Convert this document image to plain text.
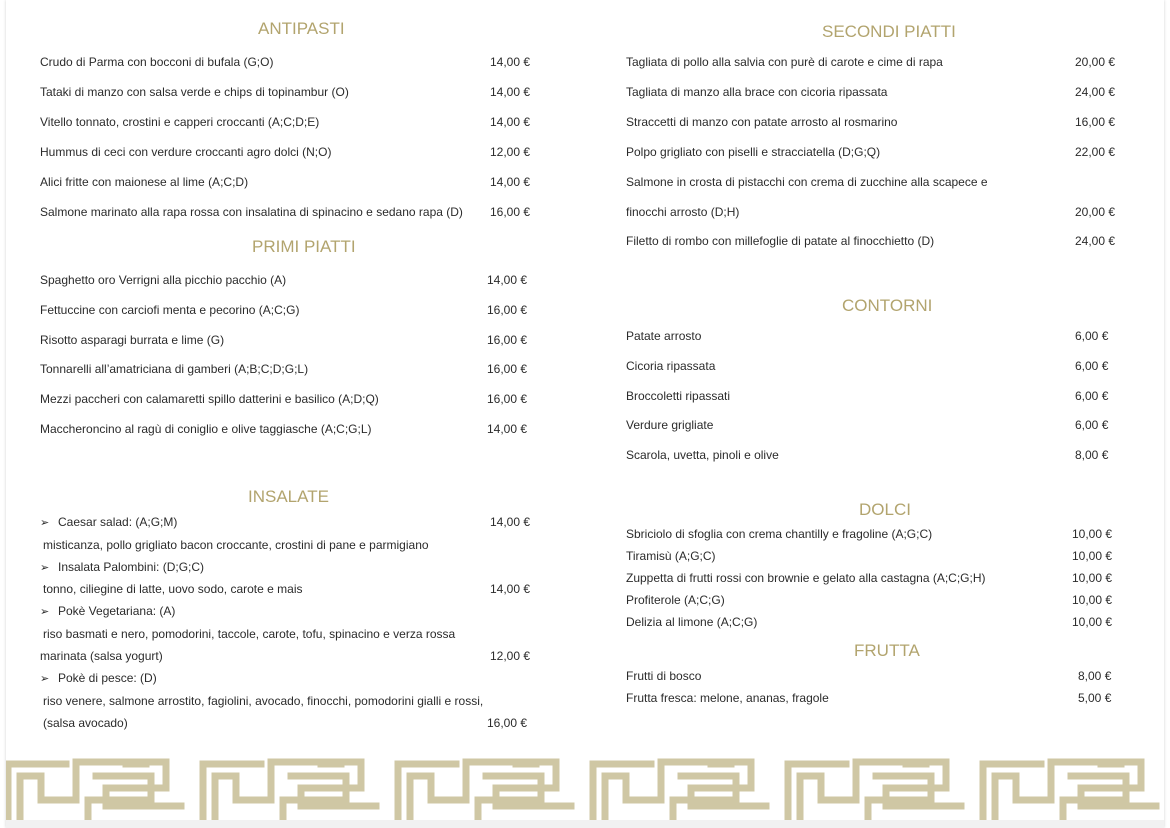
ANTIPASTI
Crudo di Parma con bocconi di bufala (G;O)	14,00 €
Tataki di manzo con salsa verde e chips di topinambur (O)	14,00 €
Vitello tonnato, crostini e capperi croccanti (A;C;D;E)	14,00 €
Hummus di ceci con verdure croccanti agro dolci (N;O)	12,00 €
Alici fritte con maionese al lime (A;C;D)	14,00 €
Salmone marinato alla rapa rossa con insalatina di spinacino e sedano rapa (D) 16,00 €
PRIMI PIATTI
Spaghetto oro Verrigni alla picchio pacchio (A)	14,00 €
Fettuccine con carciofi menta e pecorino (A;C;G)	16,00 €
Risotto asparagi burrata e lime (G)	16,00 €
Tonnarelli all’amatriciana di gamberi (A;B;C;D;G;L)	16,00 €
Mezzi paccheri con calamaretti spillo datterini e basilico (A;D;Q)	16,00 €
Maccheroncino al ragù di coniglio e olive taggiasche (A;C;G;L)	14,00 €
INSALATE
➢ Caesar salad: (A;G;M)	14,00 €
misticanza, pollo grigliato bacon croccante, crostini di pane e parmigiano
➢ Insalata Palombini: (D;G;C)
tonno, ciliegine di latte, uovo sodo, carote e mais	14,00 €
➢ Pokè Vegetariana: (A)
riso basmati e nero, pomodorini, taccole, carote, tofu, spinacino e verza rossa
marinata (salsa yogurt)	12,00 €
➢ Pokè di pesce: (D)
riso venere, salmone arrostito, fagiolini, avocado, finocchi, pomodorini gialli e rossi,
(salsa avocado)	16,00 €
SECONDI PIATTI
Tagliata di pollo alla salvia con purè di carote e cime di rapa	20,00 €
Tagliata di manzo alla brace con cicoria ripassata	24,00 €
Straccetti di manzo con patate arrosto al rosmarino	16,00 €
Polpo grigliato con piselli e stracciatella (D;G;Q)	22,00 €
Salmone in crosta di pistacchi con crema di zucchine alla scapece e
finocchi arrosto (D;H)	20,00 €
Filetto di rombo con millefoglie di patate al finocchietto (D)	24,00 €
CONTORNI
Patate arrosto	6,00 €
Cicoria ripassata	6,00 €
Broccoletti ripassati	6,00 €
Verdure grigliate	6,00 €
Scarola, uvetta, pinoli e olive	8,00 €
DOLCI
Sbriciolo di sfoglia con crema chantilly e fragoline (A;G;C)	10,00 €
Tiramisù (A;G;C)	10,00 €
Zuppetta di frutti rossi con brownie e gelato alla castagna (A;C;G;H)	10,00 €
Profiterole (A;C;G)	10,00 €
Delizia al limone (A;C;G)	10,00 €
FRUTTA
Frutti di bosco	8,00 €
Frutta fresca: melone, ananas, fragole	5,00 €
